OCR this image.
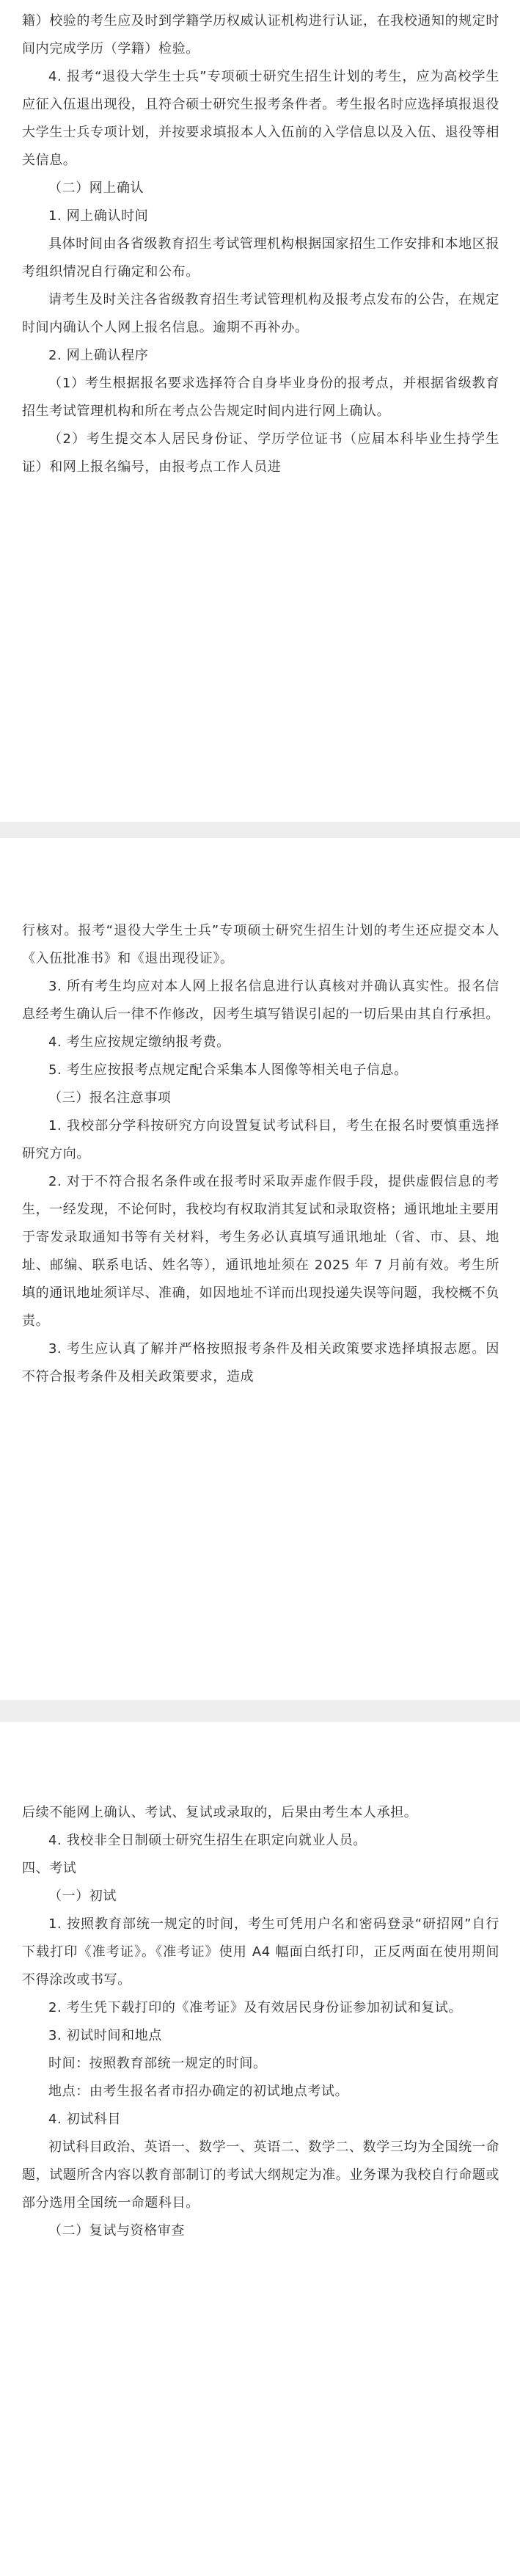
籍）校验的考生应及时到学籍学历权威认证机构进行认证，在我校通知的规定时间内完成学历（学籍）检验。

4. 报考“退役大学生士兵”专项硕士研究生招生计划的考生，应为高校学生应征入伍退出现役，且符合硕士研究生报考条件者。考生报名时应选择填报退役大学生士兵专项计划，并按要求填报本人入伍前的入学信息以及入伍、退役等相关信息。

（二）网上确认

1. 网上确认时间

具体时间由各省级教育招生考试管理机构根据国家招生工作安排和本地区报考组织情况自行确定和公布。

请考生及时关注各省级教育招生考试管理机构及报考点发布的公告，在规定时间内确认个人网上报名信息。逾期不再补办。

2. 网上确认程序

（1）考生根据报名要求选择符合自身毕业身份的报考点，并根据省级教育招生考试管理机构和所在考点公告规定时间内进行网上确认。

（2）考生提交本人居民身份证、学历学位证书（应届本科毕业生持学生证）和网上报名编号，由报考点工作人员进

行核对。报考“退役大学生士兵”专项硕士研究生招生计划的考生还应提交本人《入伍批准书》和《退出现役证》。

3. 所有考生均应对本人网上报名信息进行认真核对并确认真实性。报名信息经考生确认后一律不作修改，因考生填写错误引起的一切后果由其自行承担。

4. 考生应按规定缴纳报考费。

5. 考生应按报考点规定配合采集本人图像等相关电子信息。

（三）报名注意事项

1. 我校部分学科按研究方向设置复试考试科目，考生在报名时要慎重选择研究方向。

2. 对于不符合报名条件或在报考时采取弄虚作假手段，提供虚假信息的考生，一经发现，不论何时，我校均有权取消其复试和录取资格；通讯地址主要用于寄发录取通知书等有关材料，考生务必认真填写通讯地址（省、市、县、地址、邮编、联系电话、姓名等），通讯地址须在 2025 年 7 月前有效。考生所填的通讯地址须详尽、准确，如因地址不详而出现投递失误等问题，我校概不负责。

3. 考生应认真了解并严格按照报考条件及相关政策要求选择填报志愿。因不符合报考条件及相关政策要求，造成

后续不能网上确认、考试、复试或录取的，后果由考生本人承担。

4. 我校非全日制硕士研究生招生在职定向就业人员。

四、考试

（一）初试

1. 按照教育部统一规定的时间，考生可凭用户名和密码登录“研招网”自行下载打印《准考证》。《准考证》使用 A4 幅面白纸打印，正反两面在使用期间不得涂改或书写。

2. 考生凭下载打印的《准考证》及有效居民身份证参加初试和复试。

3. 初试时间和地点

时间：按照教育部统一规定的时间。

地点：由考生报名者市招办确定的初试地点考试。

4. 初试科目

初试科目政治、英语一、数学一、英语二、数学二、数学三均为全国统一命题，试题所含内容以教育部制订的考试大纲规定为准。业务课为我校自行命题或部分选用全国统一命题科目。

（二）复试与资格审查
